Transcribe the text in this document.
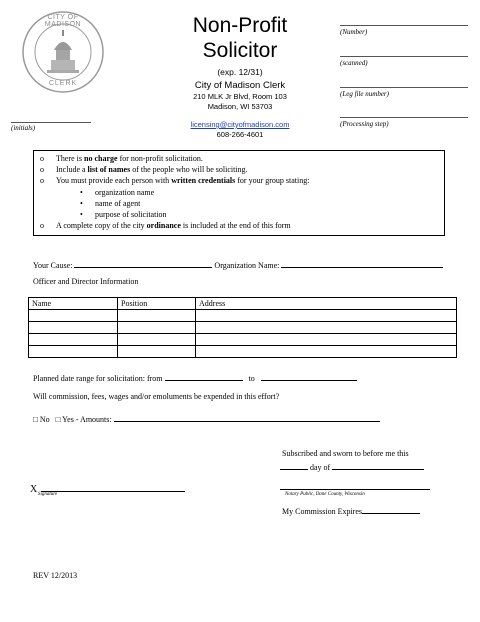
CITY OF MADISON
CLERK
Non-Profit
Solicitor
(exp. 12/31)
City of Madison Clerk
210 MLK Jr Blvd, Room 103
Madison, WI 53703
licensing@cityofmadison.com
608-266-4601
(initials)
(Number)
(scanned)
(Leg file number)
(Processing step)
o	There is no charge for non-profit solicitation.
o	Include a list of names of the people who will be soliciting.
o	You must provide each person with written credentials for your group stating:
•	organization name
•	name of agent
•	purpose of solicitation
o	A complete copy of the city ordinance is included at the end of this form
Your Cause:	Organization Name:
Officer and Director Information
Name	Position	Address

Planned date range for solicitation: from	to
Will commission, fees, wages and/or emoluments be expended in this effort?
□ No □ Yes - Amounts:
Subscribed and sworn to before me this
day of
X Signature	Notary Public, Dane County, Wisconsin
My Commission Expires
REV 12/2013
